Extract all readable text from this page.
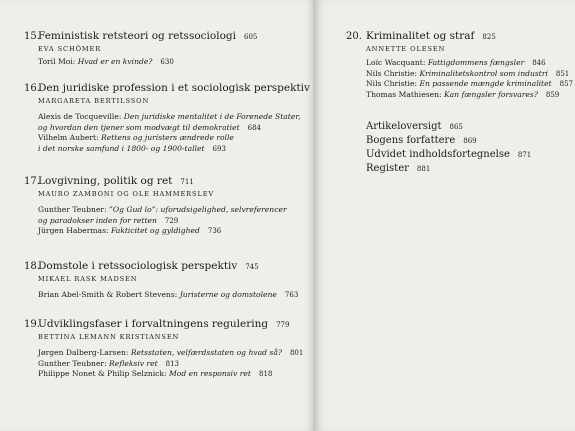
15.Feministisk retsteori og retssociologi 605
EVA SCHÖMER
Toril Moi: Hvad er en kvinde? 630
16.Den juridiske profession i et sociologisk perspektiv
MARGARETA BERTILSSON
Alexis de Tocqueville: Den juridiske mentalitet i de Forenede Stater,
og hvordan den tjener som modvægt til demokratiet 684
Vilhelm Aubert: Rettens og juristers ændrede rolle
i det norske samfund i 1800- og 1900-tallet 693
17.Lovgivning, politik og ret 711
MAURO ZAMBONI OG OLE HAMMERSLEV
Gunther Teubner: ”Og Gud lo”: uforudsigelighed, selvreferencer
og paradokser inden for retten 729
Jürgen Habermas: Fakticitet og gyldighed 736
18.Domstole i retssociologisk perspektiv 745
MIKAEL RASK MADSEN
Brian Abel-Smith & Robert Stevens: Juristerne og domstolene 763
19.Udviklingsfaser i forvaltningens regulering 779
BETTINA LEMANN KRISTIANSEN
Jørgen Dalberg-Larsen: Retsstaten, velfærdsstaten og hvad så? 801
Gunther Teubner: Refleksiv ret 813
Philippe Nonet & Philip Selznick: Mod en responsiv ret 818
20. Kriminalitet og straf 825
ANNETTE OLESEN
Loïc Wacquant: Fattigdommens fængsler 846
Nils Christie: Kriminalitetskontrol som industri 851
Nils Christie: En passende mængde kriminalitet 857
Thomas Mathiesen: Kan fængsler forsvares? 859
Artikeloversigt 865
Bogens forfattere 869
Udvidet indholdsfortegnelse 871
Register 881
